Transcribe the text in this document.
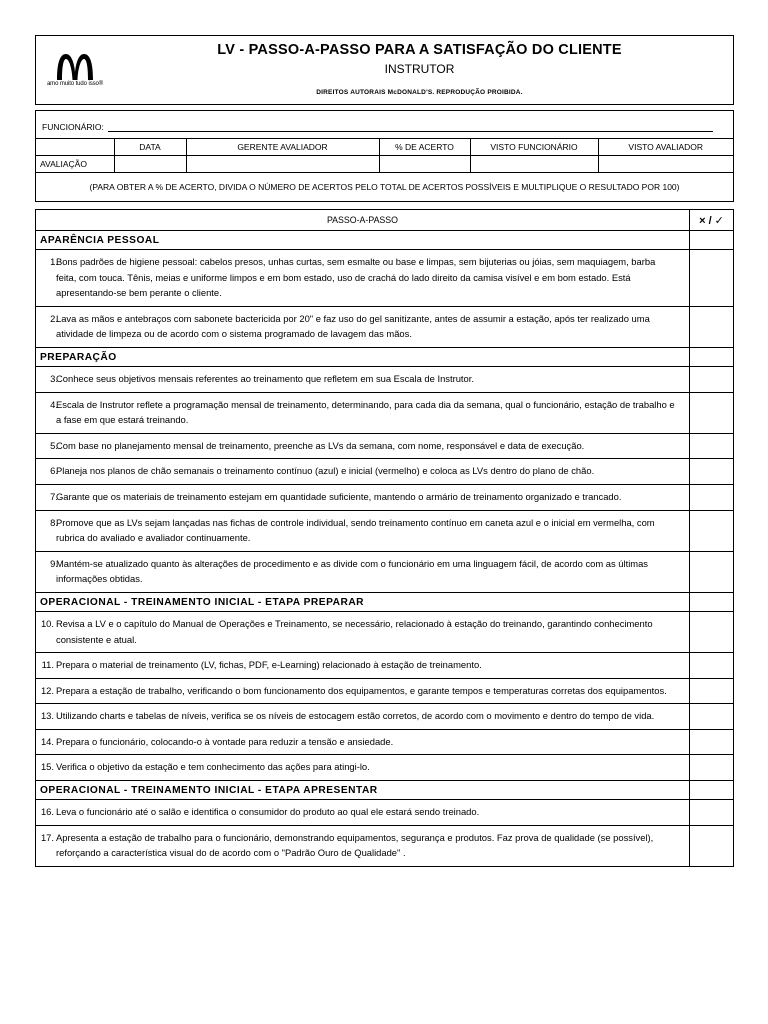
amo muito tudo isso®
LV - PASSO-A-PASSO PARA A SATISFAÇÃO DO CLIENTE
INSTRUTOR
DIREITOS AUTORAIS McDONALD'S. REPRODUÇÃO PROIBIDA.
FUNCIONÁRIO:
	DATA	GERENTE AVALIADOR	% DE ACERTO	VISTO FUNCIONÁRIO	VISTO AVALIADOR
AVALIAÇÃO					
(PARA OBTER A % DE ACERTO, DIVIDA O NÚMERO DE ACERTOS PELO TOTAL DE ACERTOS POSSÍVEIS E MULTIPLIQUE O RESULTADO POR 100)
PASSO-A-PASSO	× / ✓
APARÊNCIA PESSOAL	

1.
Bons padrões de higiene pessoal: cabelos presos, unhas curtas, sem esmalte ou base e limpas, sem bijuterias ou jóias, sem maquiagem, barba feita, com touca. Tênis, meias e uniforme limpos e em bom estado, uso de crachá do lado direito da camisa visível e em bom estado. Está apresentando-se bem perante o cliente.	

2.
Lava as mãos e antebraços com sabonete bactericida por 20" e faz uso do gel sanitizante, antes de assumir a estação, após ter realizado uma atividade de limpeza ou de acordo com o sistema programado de lavagem das mãos.	

PREPARAÇÃO	

3.
Conhece seus objetivos mensais referentes ao treinamento que refletem em sua Escala de Instrutor.	

4.
Escala de Instrutor reflete a programação mensal de treinamento, determinando, para cada dia da semana, qual o funcionário, estação de trabalho e a fase em que estará treinando.	

5.
Com base no planejamento mensal de treinamento, preenche as LVs da semana, com nome, responsável e data de execução.	

6.
Planeja nos planos de chão semanais o treinamento contínuo (azul) e inicial (vermelho) e coloca as LVs dentro do plano de chão.	

7.
Garante que os materiais de treinamento estejam em quantidade suficiente, mantendo o armário de treinamento organizado e trancado.	

8.
Promove que as LVs sejam lançadas nas fichas de controle individual, sendo treinamento contínuo em caneta azul e o inicial em vermelha, com rubrica do avaliado e avaliador continuamente.	

9.
Mantém-se atualizado quanto às alterações de procedimento e as divide com o funcionário em uma linguagem fácil, de acordo com as últimas informações obtidas.	

OPERACIONAL - TREINAMENTO INICIAL - ETAPA PREPARAR	

10. Revisa a LV e o capítulo do Manual de Operações e Treinamento, se necessário, relacionado à estação do treinando, garantindo conhecimento consistente e atual.	

11. Prepara o material de treinamento (LV, fichas, PDF, e-Learning) relacionado à estação de treinamento.	

12. Prepara a estação de trabalho, verificando o bom funcionamento dos equipamentos, e garante tempos e temperaturas corretas dos equipamentos.	

13. Utilizando charts e tabelas de níveis, verifica se os níveis de estocagem estão corretos, de acordo com o movimento e dentro do tempo de vida.	

14. Prepara o funcionário, colocando-o à vontade para reduzir a tensão e ansiedade.	

15. Verifica o objetivo da estação e tem conhecimento das ações para atingi-lo.	

OPERACIONAL - TREINAMENTO INICIAL - ETAPA APRESENTAR	

16. Leva o funcionário até o salão e identifica o consumidor do produto ao qual ele estará sendo treinado.	

17. Apresenta a estação de trabalho para o funcionário, demonstrando equipamentos, segurança e produtos. Faz prova de qualidade (se possível), reforçando a característica visual do de acordo com o "Padrão Ouro de Qualidade" .	
